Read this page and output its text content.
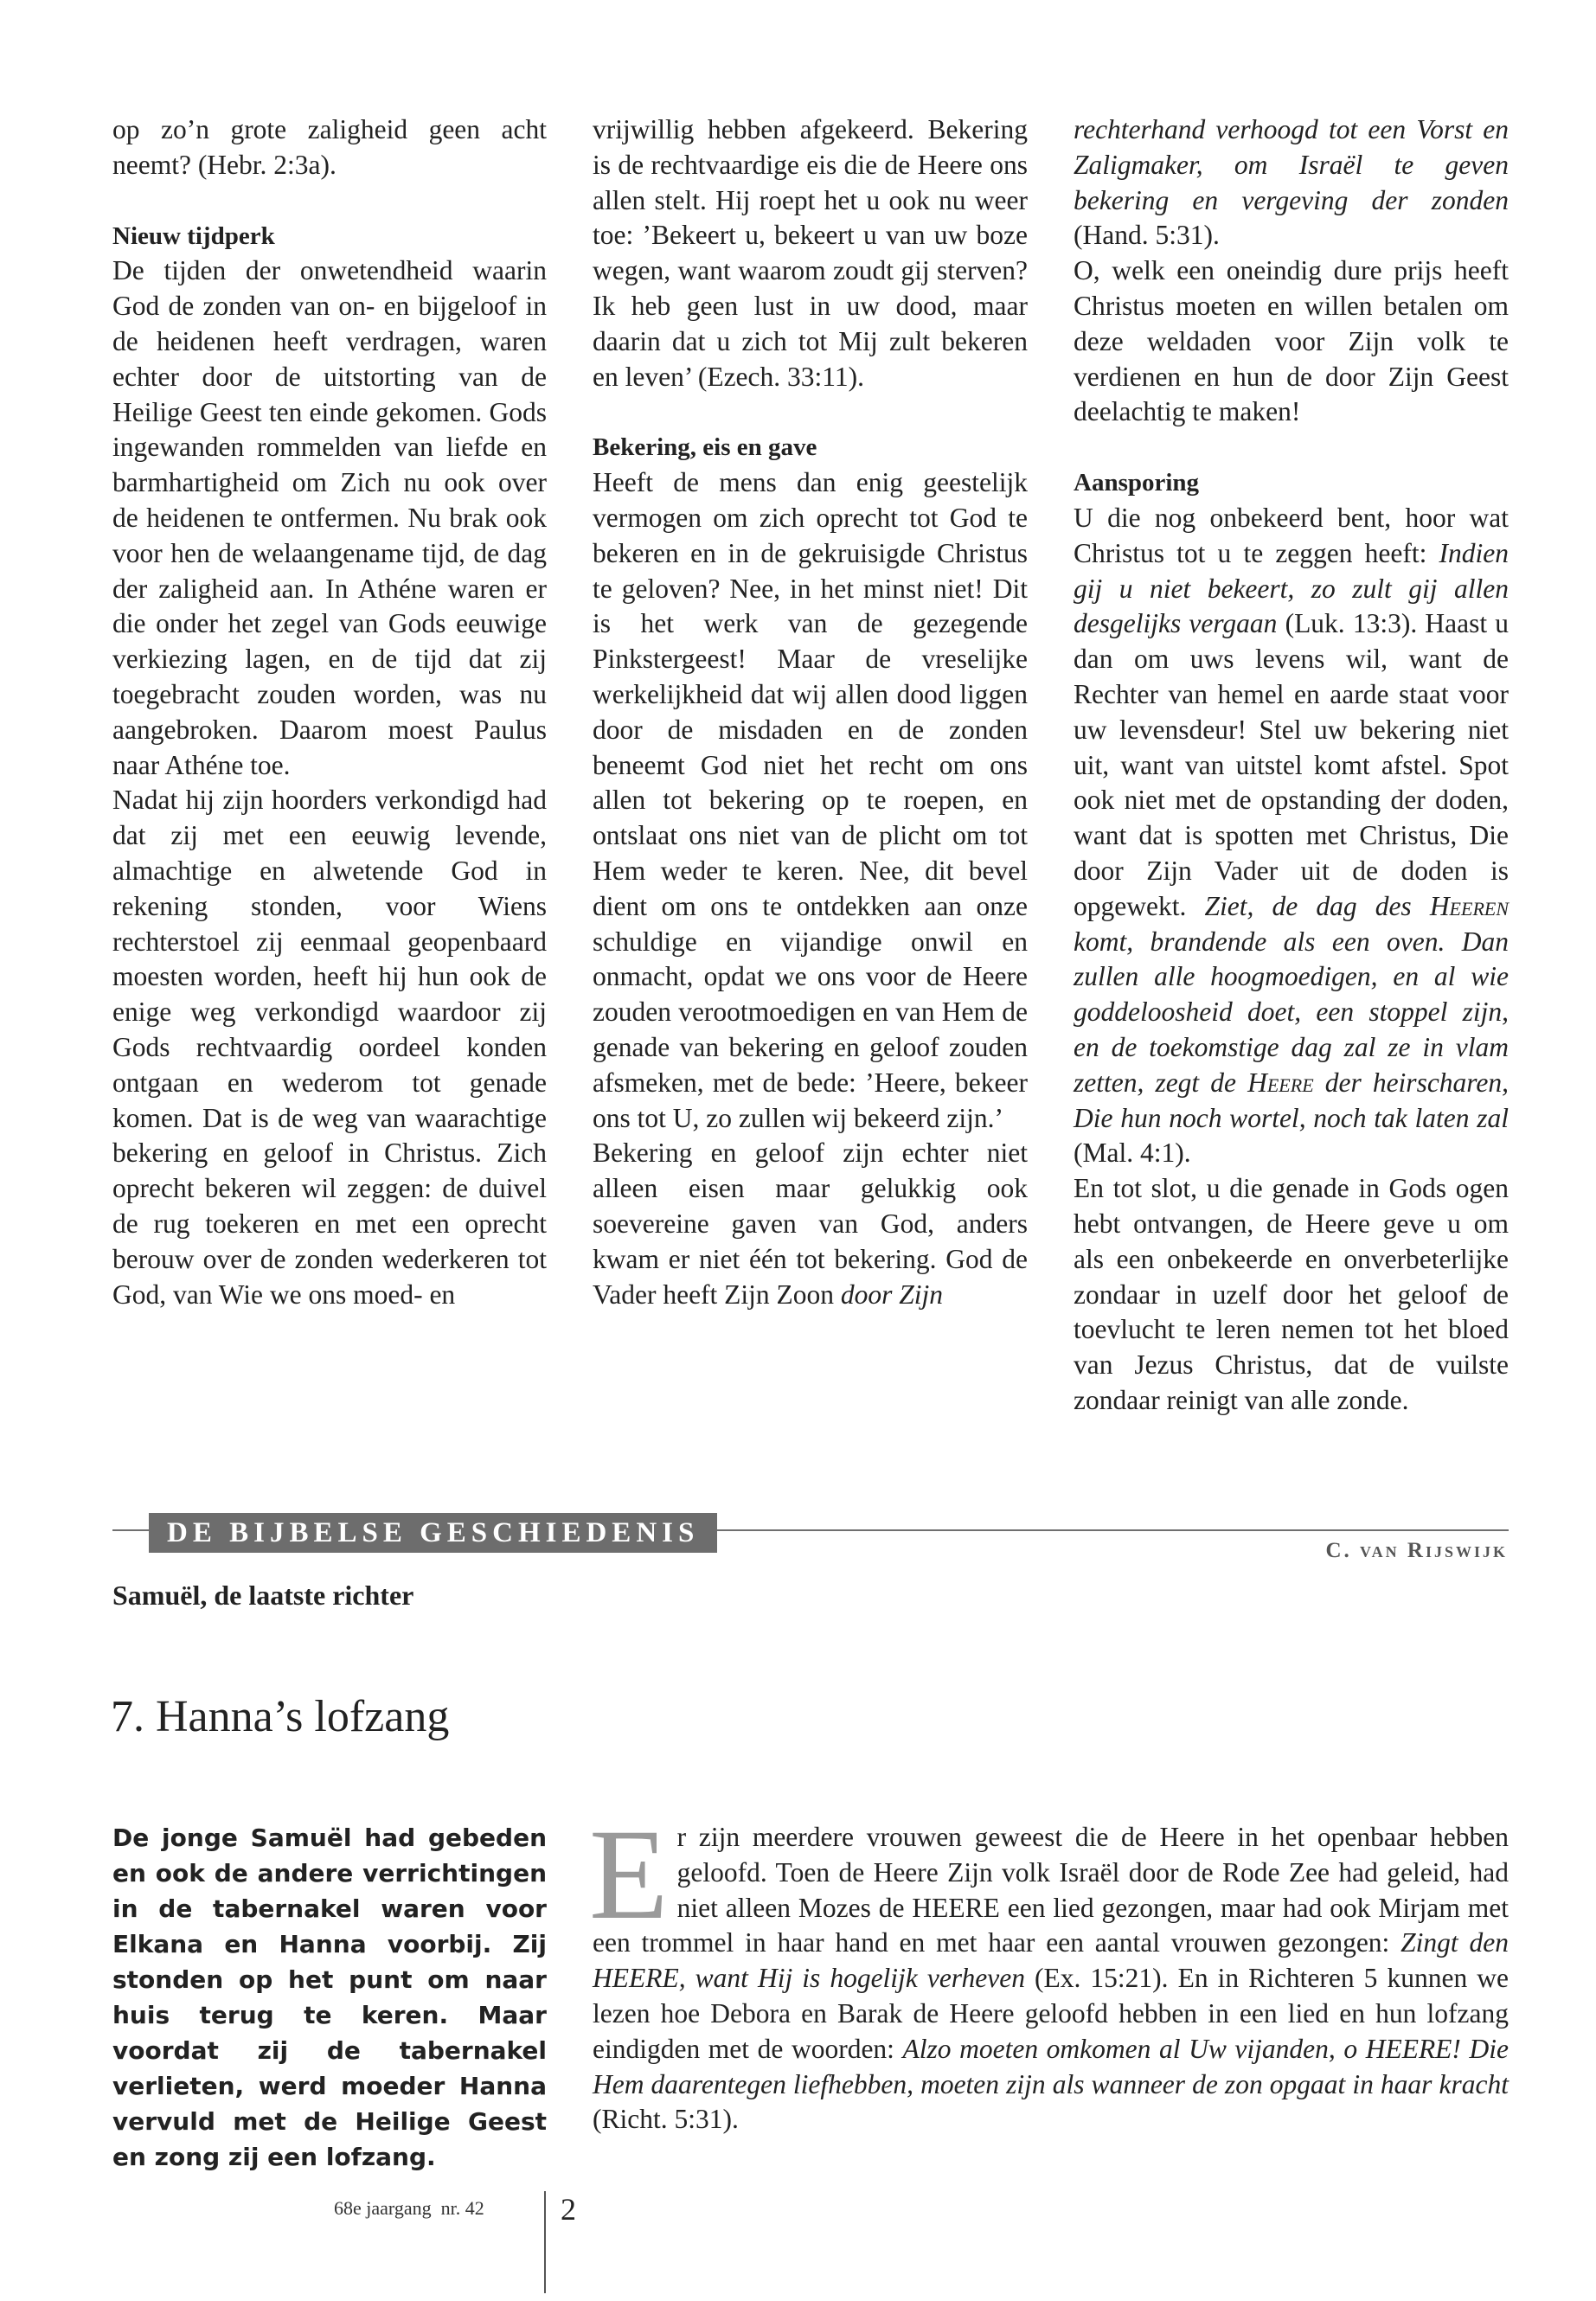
op zo’n grote zaligheid geen acht neemt? (Hebr. 2:3a).

Nieuw tijdperk

De tijden der onwetendheid waarin God de zonden van on- en bijgeloof in de heidenen heeft verdragen, waren echter door de uitstorting van de Heilige Geest ten einde gekomen. Gods ingewanden rommelden van liefde en barmhartigheid om Zich nu ook over de heidenen te ontfermen. Nu brak ook voor hen de welaangename tijd, de dag der zaligheid aan. In Athéne waren er die onder het zegel van Gods eeuwige verkiezing lagen, en de tijd dat zij toegebracht zouden worden, was nu aangebroken. Daarom moest Paulus naar Athéne toe.

Nadat hij zijn hoorders verkondigd had dat zij met een eeuwig levende, almachtige en alwetende God in rekening stonden, voor Wiens rechterstoel zij eenmaal geopenbaard moesten worden, heeft hij hun ook de enige weg verkondigd waardoor zij Gods rechtvaardig oordeel konden ontgaan en wederom tot genade komen. Dat is de weg van waarachtige bekering en geloof in Christus. Zich oprecht bekeren wil zeggen: de duivel de rug toekeren en met een oprecht berouw over de zonden wederkeren tot God, van Wie we ons moed- en

vrijwillig hebben afgekeerd. Bekering is de rechtvaardige eis die de Heere ons allen stelt. Hij roept het u ook nu weer toe: ’Bekeert u, bekeert u van uw boze wegen, want waarom zoudt gij sterven? Ik heb geen lust in uw dood, maar daarin dat u zich tot Mij zult bekeren en leven’ (Ezech. 33:11).

Bekering, eis en gave

Heeft de mens dan enig geestelijk vermogen om zich oprecht tot God te bekeren en in de gekruisigde Christus te geloven? Nee, in het minst niet! Dit is het werk van de gezegende Pinkstergeest! Maar de vreselijke werkelijkheid dat wij allen dood liggen door de misdaden en de zonden beneemt God niet het recht om ons allen tot bekering op te roepen, en ontslaat ons niet van de plicht om tot Hem weder te keren. Nee, dit bevel dient om ons te ontdekken aan onze schuldige en vijandige onwil en onmacht, opdat we ons voor de Heere zouden verootmoedigen en van Hem de genade van bekering en geloof zouden afsmeken, met de bede: ’Heere, bekeer ons tot U, zo zullen wij bekeerd zijn.’

Bekering en geloof zijn echter niet alleen eisen maar gelukkig ook soevereine gaven van God, anders kwam er niet één tot bekering. God de Vader heeft Zijn Zoon door Zijn

rechterhand verhoogd tot een Vorst en Zaligmaker, om Israël te geven bekering en vergeving der zonden (Hand. 5:31).

O, welk een oneindig dure prijs heeft Christus moeten en willen betalen om deze weldaden voor Zijn volk te verdienen en hun de door Zijn Geest deelachtig te maken!

Aansporing

U die nog onbekeerd bent, hoor wat Christus tot u te zeggen heeft: Indien gij u niet bekeert, zo zult gij allen desgelijks vergaan (Luk. 13:3). Haast u dan om uws levens wil, want de Rechter van hemel en aarde staat voor uw levensdeur! Stel uw bekering niet uit, want van uitstel komt afstel. Spot ook niet met de opstanding der doden, want dat is spotten met Christus, Die door Zijn Vader uit de doden is opgewekt. Ziet, de dag des Heeren komt, brandende als een oven. Dan zullen alle hoogmoedigen, en al wie goddeloosheid doet, een stoppel zijn, en de toekomstige dag zal ze in vlam zetten, zegt de Heere der heirscharen, Die hun noch wortel, noch tak laten zal (Mal. 4:1).

En tot slot, u die genade in Gods ogen hebt ontvangen, de Heere geve u om als een onbekeerde en onverbeterlijke zondaar in uzelf door het geloof de toevlucht te leren nemen tot het bloed van Jezus Christus, dat de vuilste zondaar reinigt van alle zonde.

DE BIJBELSE GESCHIEDENIS
C. van Rijswijk
Samuël, de laatste richter
7. Hanna’s lofzang
De jonge Samuël had gebeden en ook de andere verrichtingen in de tabernakel waren voor Elkana en Hanna voorbij. Zij stonden op het punt om naar huis terug te keren. Maar voordat zij de tabernakel verlieten, werd moeder Hanna vervuld met de Heilige Geest en zong zij een lofzang.
Er zijn meerdere vrouwen geweest die de Heere in het openbaar hebben geloofd. Toen de Heere Zijn volk Israël door de Rode Zee had geleid, had niet alleen Mozes de HEERE een lied gezongen, maar had ook Mirjam met een trommel in haar hand en met haar een aantal vrouwen gezongen: Zingt den HEERE, want Hij is hogelijk verheven (Ex. 15:21). En in Richteren 5 kunnen we lezen hoe Debora en Barak de Heere geloofd hebben in een lied en hun lofzang eindigden met de woorden: Alzo moeten omkomen al Uw vijanden, o HEERE! Die Hem daarentegen liefhebben, moeten zijn als wanneer de zon opgaat in haar kracht (Richt. 5:31).
68e jaargang  nr. 42 2
